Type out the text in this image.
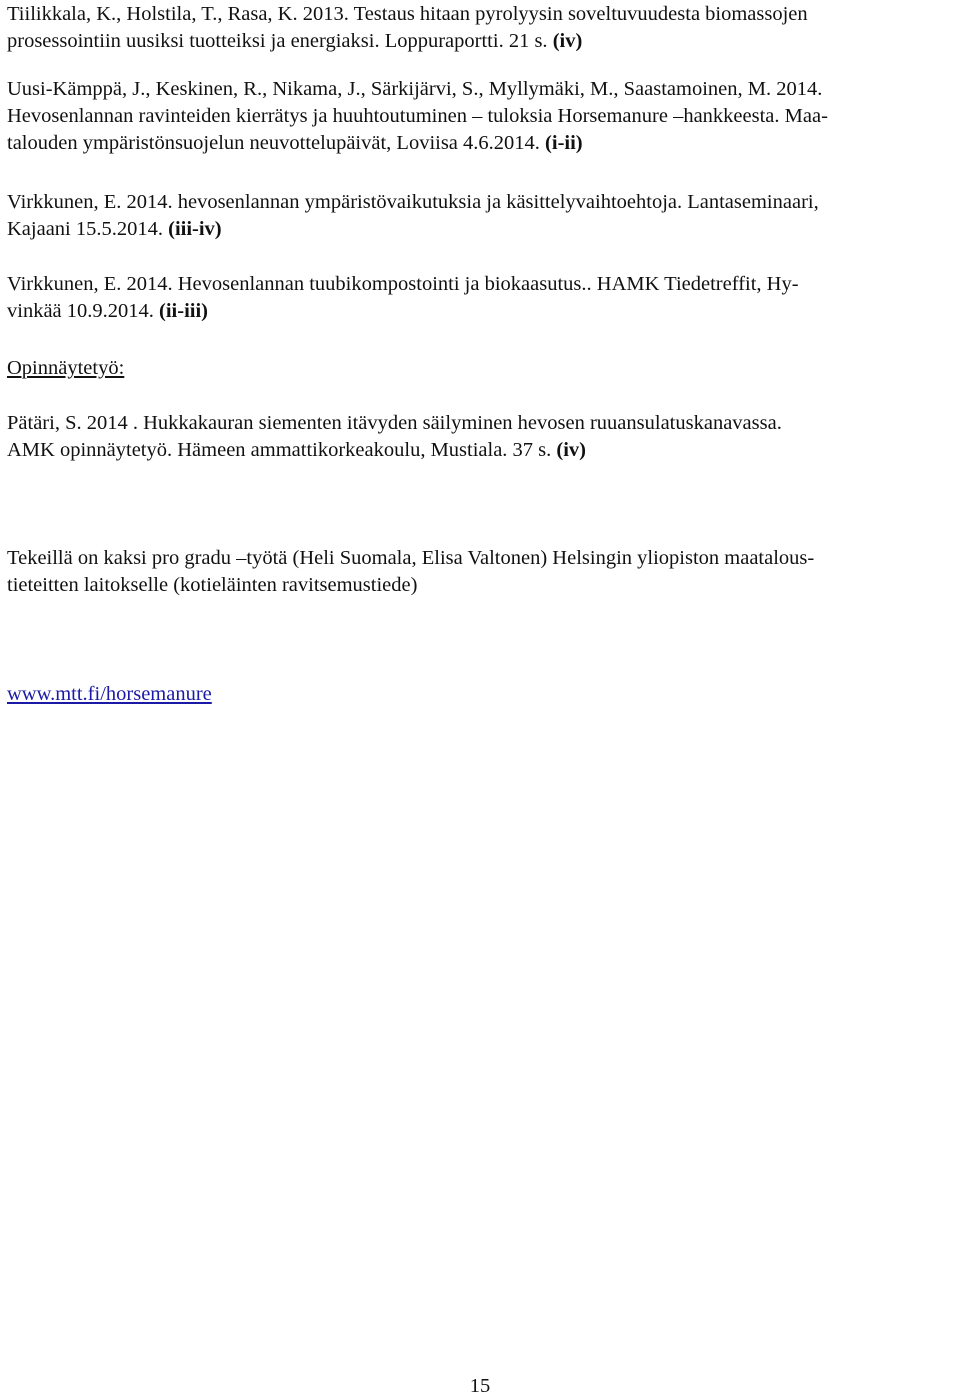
Tiilikkala, K., Holstila, T., Rasa, K. 2013. Testaus hitaan pyrolyysin soveltuvuudesta biomassojen
prosessointiin uusiksi tuotteiksi ja energiaksi. Loppuraportti. 21 s. (iv)
Uusi-Kämppä, J., Keskinen, R., Nikama, J., Särkijärvi, S., Myllymäki, M., Saastamoinen, M. 2014.
Hevosenlannan ravinteiden kierrätys ja huuhtoutuminen – tuloksia Horsemanure –hankkeesta. Maa-
talouden ympäristönsuojelun neuvottelupäivät, Loviisa 4.6.2014. (i-ii)
Virkkunen, E. 2014. hevosenlannan ympäristövaikutuksia ja käsittelyvaihtoehtoja. Lantaseminaari,
Kajaani 15.5.2014. (iii-iv)
Virkkunen, E. 2014. Hevosenlannan tuubikompostointi ja biokaasutus.. HAMK Tiedetreffit, Hy-
vinkää 10.9.2014. (ii-iii)

Opinnäytetyö:

Pätäri, S. 2014 . Hukkakauran siementen itävyden säilyminen hevosen ruuansulatuskanavassa.
AMK opinnäytetyö. Hämeen ammattikorkeakoulu, Mustiala. 37 s. (iv)
Tekeillä on kaksi pro gradu –työtä (Heli Suomala, Elisa Valtonen) Helsingin yliopiston maatalous-
tieteitten laitokselle (kotieläinten ravitsemustiede)
www.mtt.fi/horsemanure
15
